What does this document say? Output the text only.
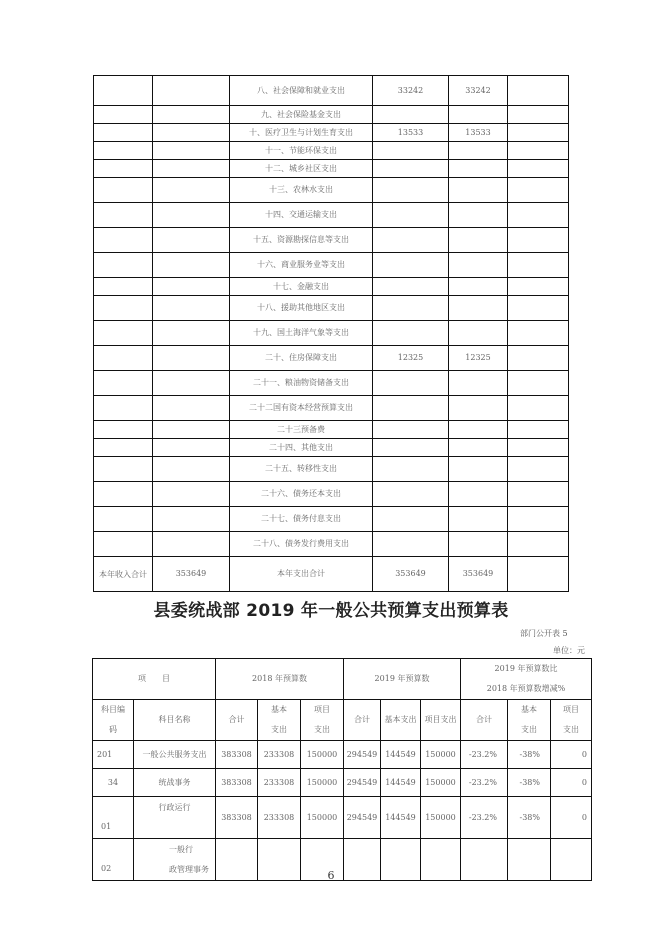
		八、社会保障和就业支出	33242	33242	
		九、社会保险基金支出			
		十、医疗卫生与计划生育支出	13533	13533	
		十一、节能环保支出			
		十二、城乡社区支出			
		十三、农林水支出			
		十四、交通运输支出			
		十五、资源勘探信息等支出			
		十六、商业服务业等支出			
		十七、金融支出			
		十八、援助其他地区支出			
		十九、国土海洋气象等支出			
		二十、住房保障支出	12325	12325	
		二十一、粮油物资储备支出			
		二十二国有资本经营预算支出			
		二十三预备费			
		二十四、其他支出			
		二十五、转移性支出			
		二十六、债务还本支出			
		二十七、债务付息支出			
		二十八、债务发行费用支出			
本年收入合计	353649	本年支出合计	353649	353649	
县委统战部 2019 年一般公共预算支出预算表
部门公开表 5
单位：元
项　　目		2018 年预算数			2019 年预算数			2019 年预算数比
2018 年预算数增减%		

科目编码	科目名称	合计	基本支出	项目支出	合计	基本支出	项目支出	合计	基本支出	项目支出
201	一般公共服务支出	383308	233308	150000	294549	144549	150000	-23.2%	-38%	0
34	统战事务	383308	233308	150000	294549	144549	150000	-23.2%	-38%	0
01	行政运行	383308	233308	150000	294549	144549	150000	-23.2%	-38%	0
02	一般行
政管理事务									
										6
